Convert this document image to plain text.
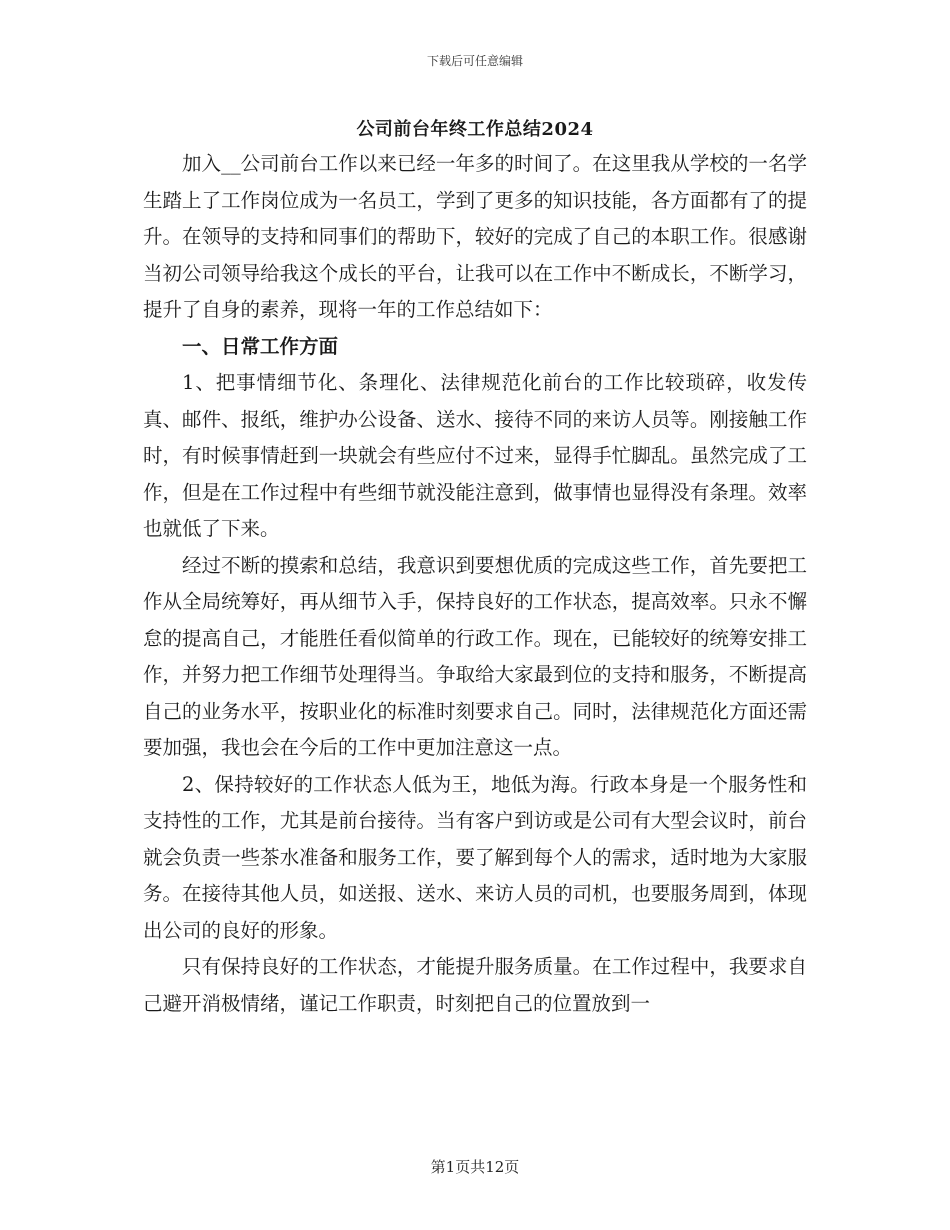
下载后可任意编辑
公司前台年终工作总结2024

加入__公司前台工作以来已经一年多的时间了。在这里我从学校的一名学生踏上了工作岗位成为一名员工，学到了更多的知识技能，各方面都有了的提升。在领导的支持和同事们的帮助下，较好的完成了自己的本职工作。很感谢当初公司领导给我这个成长的平台，让我可以在工作中不断成长，不断学习，提升了自身的素养，现将一年的工作总结如下：

一、日常工作方面

1、把事情细节化、条理化、法律规范化前台的工作比较琐碎，收发传真、邮件、报纸，维护办公设备、送水、接待不同的来访人员等。刚接触工作时，有时候事情赶到一块就会有些应付不过来，显得手忙脚乱。虽然完成了工作，但是在工作过程中有些细节就没能注意到，做事情也显得没有条理。效率也就低了下来。

经过不断的摸索和总结，我意识到要想优质的完成这些工作，首先要把工作从全局统筹好，再从细节入手，保持良好的工作状态，提高效率。只永不懈怠的提高自己，才能胜任看似简单的行政工作。现在，已能较好的统筹安排工作，并努力把工作细节处理得当。争取给大家最到位的支持和服务，不断提高自己的业务水平，按职业化的标准时刻要求自己。同时，法律规范化方面还需要加强，我也会在今后的工作中更加注意这一点。

2、保持较好的工作状态人低为王，地低为海。行政本身是一个服务性和支持性的工作，尤其是前台接待。当有客户到访或是公司有大型会议时，前台就会负责一些茶水准备和服务工作，要了解到每个人的需求，适时地为大家服务。在接待其他人员，如送报、送水、来访人员的司机，也要服务周到，体现出公司的良好的形象。

只有保持良好的工作状态，才能提升服务质量。在工作过程中，我要求自己避开消极情绪，谨记工作职责，时刻把自己的位置放到一

第1页共12页
